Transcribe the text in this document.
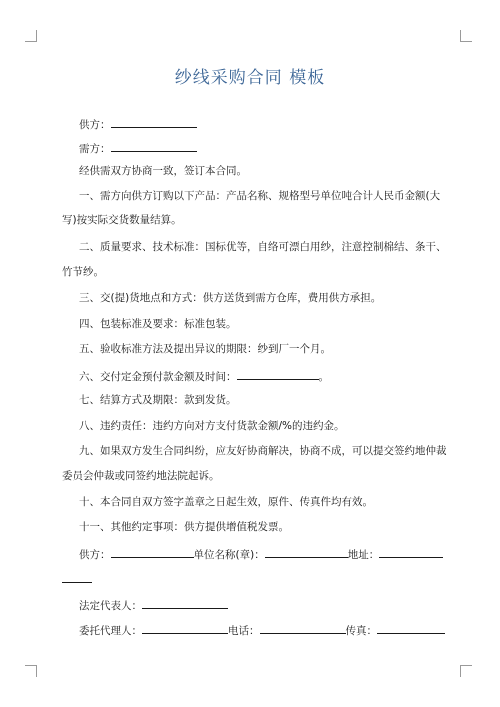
纱线采购合同 模板
供方：
需方：
经供需双方协商一致，签订本合同。
一、需方向供方订购以下产品：产品名称、规格型号单位吨合计人民币金额(大
写)按实际交货数量结算。
二、质量要求、技术标准：国标优等，自络可漂白用纱，注意控制棉结、条干、
竹节纱。
三、交(提)货地点和方式：供方送货到需方仓库，费用供方承担。
四、包装标准及要求：标准包装。
五、验收标准方法及提出异议的期限：纱到厂一个月。
六、交付定金预付款金额及时间：	。
七、结算方式及期限：款到发货。
八、违约责任：违约方向对方支付货款金额/%的违约金。
九、如果双方发生合同纠纷，应友好协商解决，协商不成，可以提交签约地仲裁
委员会仲裁或同签约地法院起诉。
十、本合同自双方签字盖章之日起生效，原件、传真件均有效。
十一、其他约定事项：供方提供增值税发票。
供方：	单位名称(章)：	地址：
法定代表人：
委托代理人：	电话：	传真：
